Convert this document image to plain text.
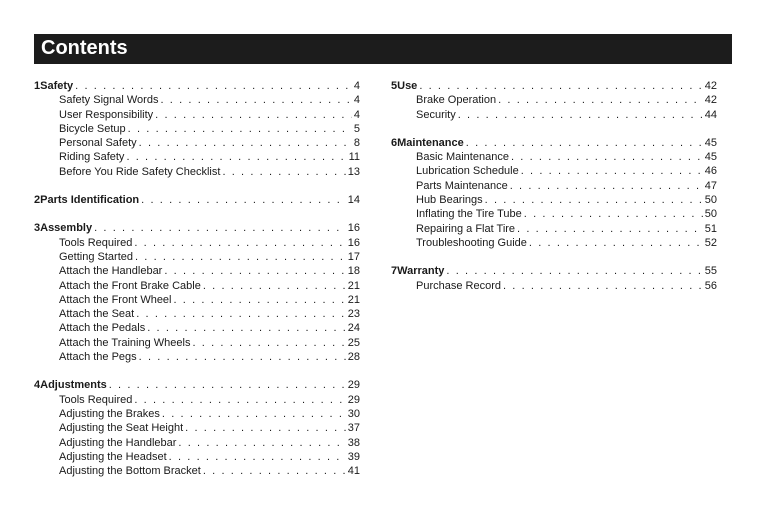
Contents
1 Safety . . .	4
Safety Signal Words . . .	4
User Responsibility . . .	4
Bicycle Setup . . .	5
Personal Safety . . .	8
Riding Safety . . .	11
Before You Ride Safety Checklist . . .	13
2 Parts Identification . . .	14
3 Assembly . . .	16
Tools Required . . .	16
Getting Started . . .	17
Attach the Handlebar . . .	18
Attach the Front Brake Cable . . .	21
Attach the Front Wheel . . .	21
Attach the Seat . . .	23
Attach the Pedals . . .	24
Attach the Training Wheels . . .	25
Attach the Pegs . . .	28
4 Adjustments . . .	29
Tools Required . . .	29
Adjusting the Brakes . . .	30
Adjusting the Seat Height . . .	37
Adjusting the Handlebar . . .	38
Adjusting the Headset . . .	39
Adjusting the Bottom Bracket . . .	41
5 Use . . .	42
Brake Operation . . .	42
Security . . .	44
6 Maintenance . . .	45
Basic Maintenance . . .	45
Lubrication Schedule . . .	46
Parts Maintenance . . .	47
Hub Bearings . . .	50
Inflating the Tire Tube . . .	50
Repairing a Flat Tire . . .	51
Troubleshooting Guide . . .	52
7 Warranty . . .	55
Purchase Record . . .	56
